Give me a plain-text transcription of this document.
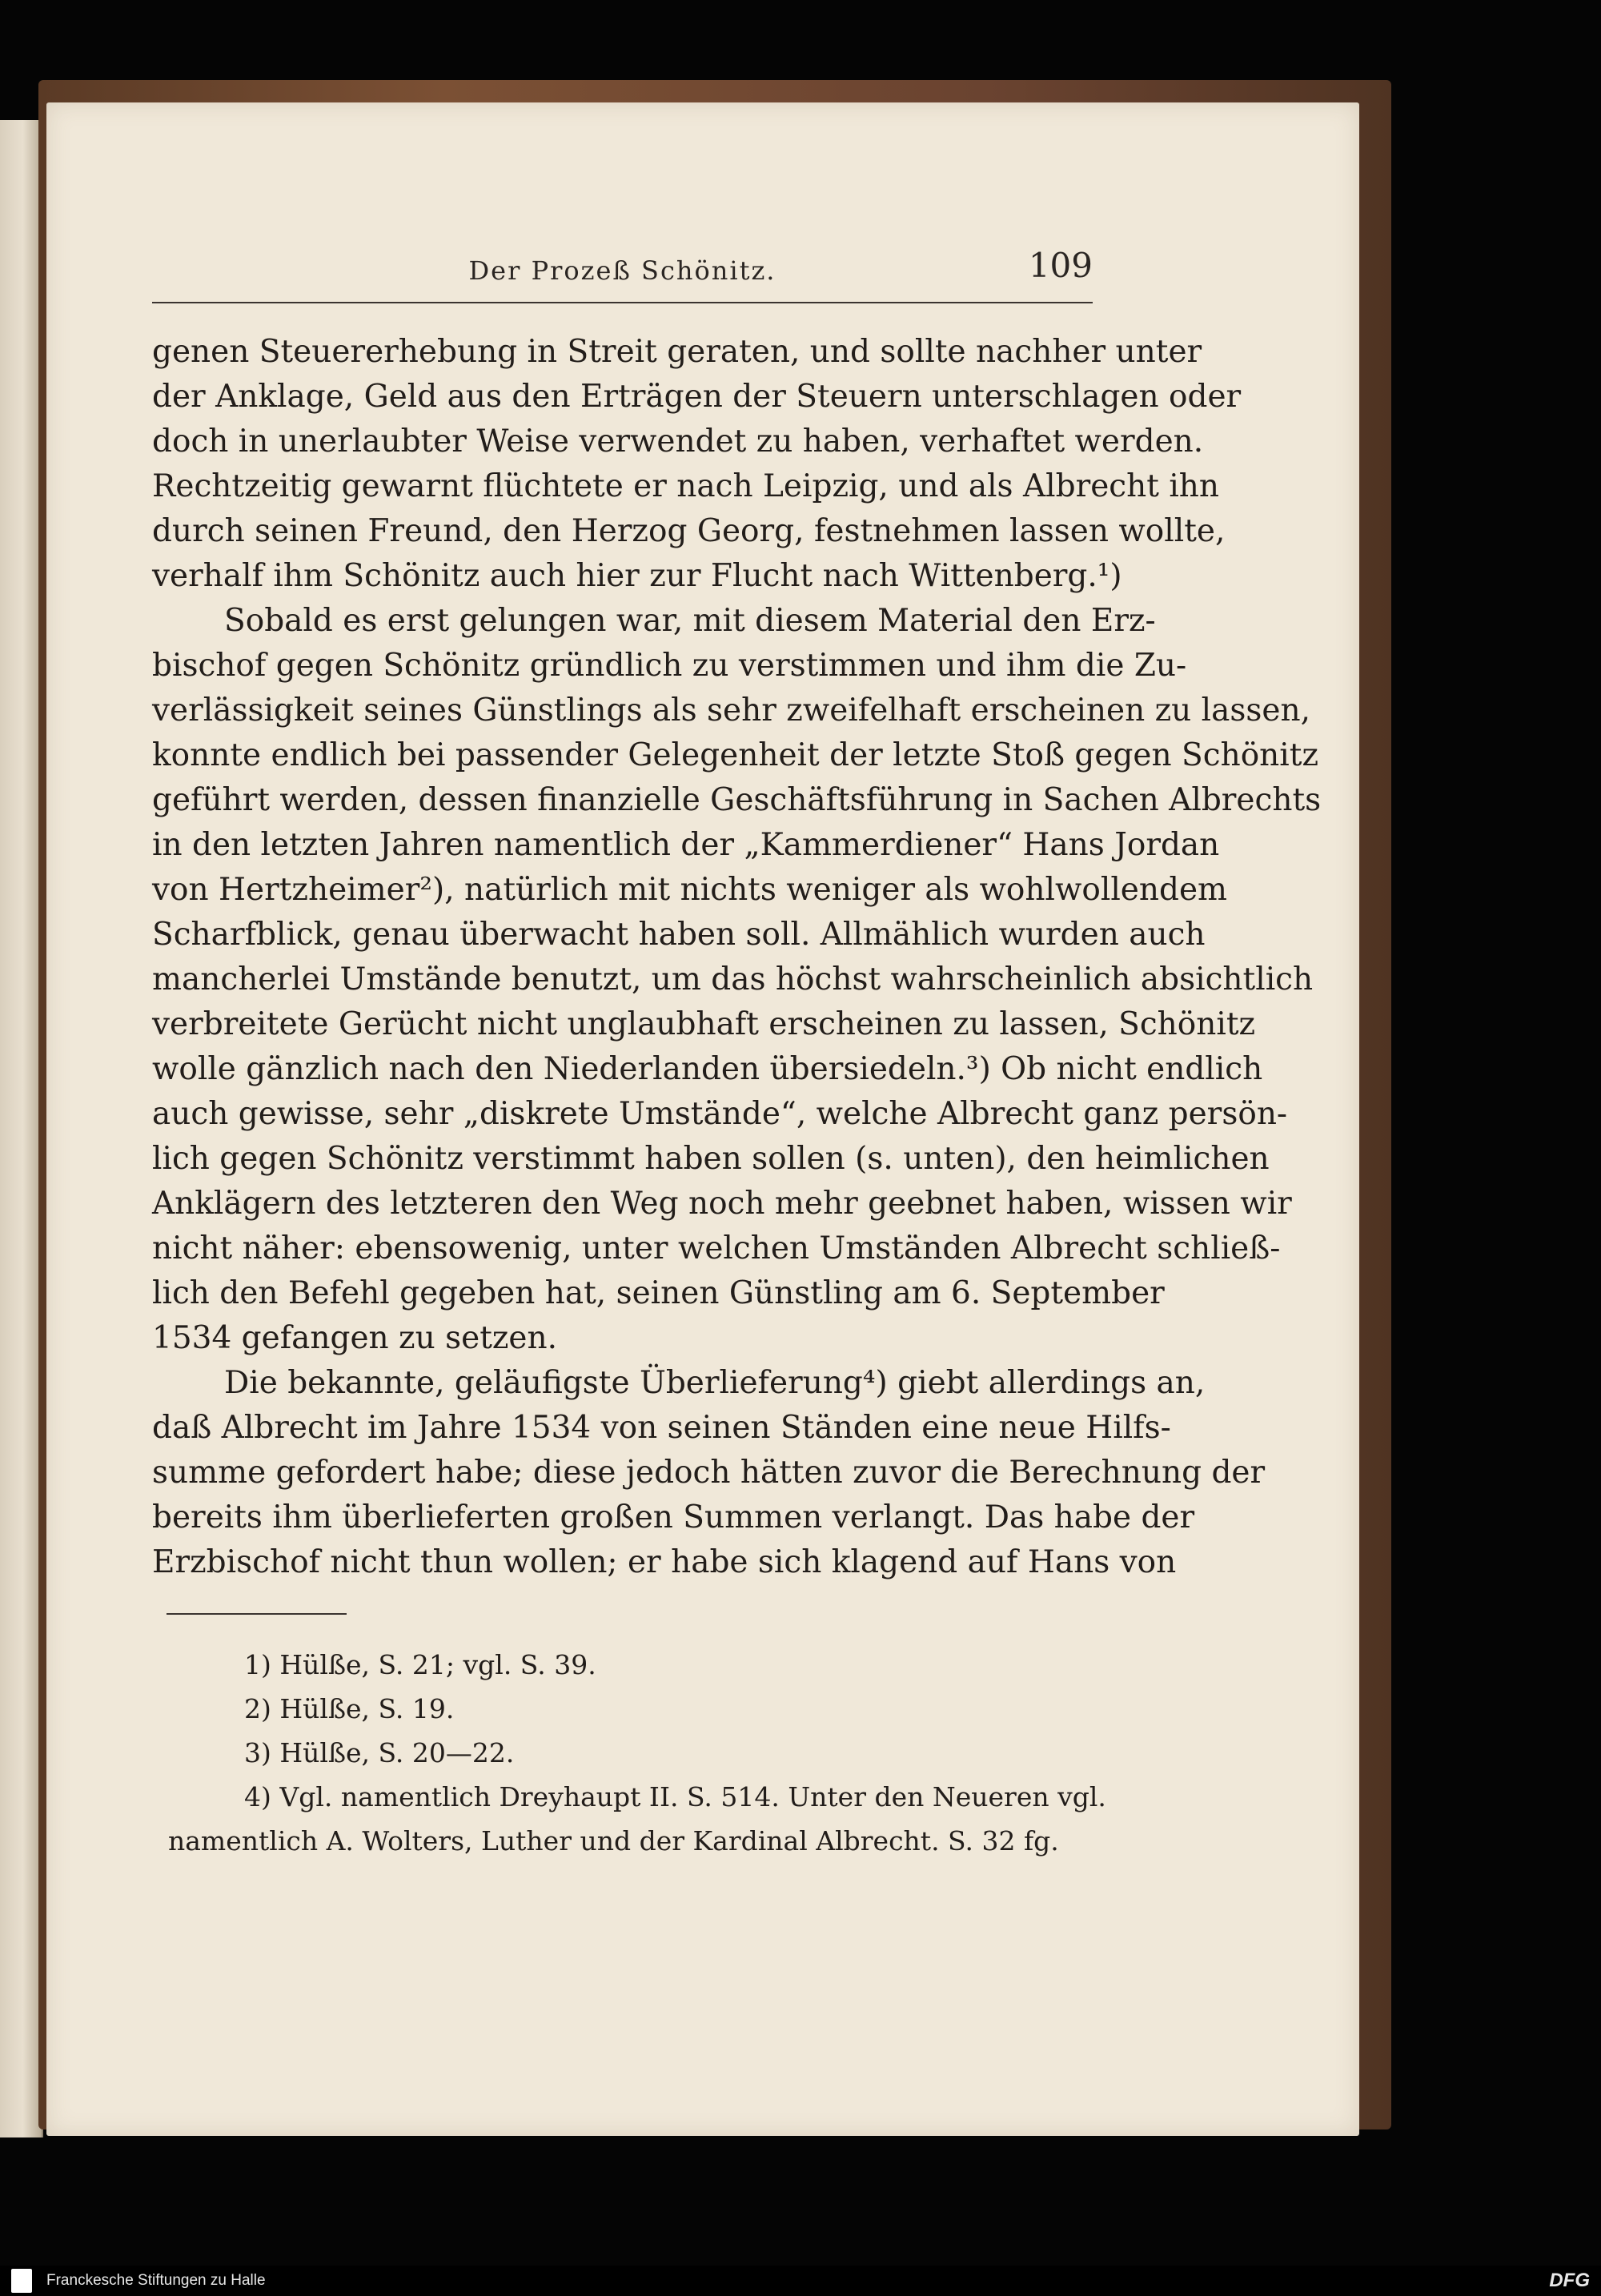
Der Prozeß Schönitz.	109
genen Steuererhebung in Streit geraten, und sollte nachher unter
der Anklage, Geld aus den Erträgen der Steuern unterschlagen oder
doch in unerlaubter Weise verwendet zu haben, verhaftet werden.
Rechtzeitig gewarnt flüchtete er nach Leipzig, und als Albrecht ihn
durch seinen Freund, den Herzog Georg, festnehmen lassen wollte,
verhalf ihm Schönitz auch hier zur Flucht nach Wittenberg.¹)
Sobald es erst gelungen war, mit diesem Material den Erz-
bischof gegen Schönitz gründlich zu verstimmen und ihm die Zu-
verlässigkeit seines Günstlings als sehr zweifelhaft erscheinen zu lassen,
konnte endlich bei passender Gelegenheit der letzte Stoß gegen Schönitz
geführt werden, dessen finanzielle Geschäftsführung in Sachen Albrechts
in den letzten Jahren namentlich der „Kammerdiener“ Hans Jordan
von Hertzheimer²), natürlich mit nichts weniger als wohlwollendem
Scharfblick, genau überwacht haben soll. Allmählich wurden auch
mancherlei Umstände benutzt, um das höchst wahrscheinlich absichtlich
verbreitete Gerücht nicht unglaubhaft erscheinen zu lassen, Schönitz
wolle gänzlich nach den Niederlanden übersiedeln.³) Ob nicht endlich
auch gewisse, sehr „diskrete Umstände“, welche Albrecht ganz persön-
lich gegen Schönitz verstimmt haben sollen (s. unten), den heimlichen
Anklägern des letzteren den Weg noch mehr geebnet haben, wissen wir
nicht näher: ebensowenig, unter welchen Umständen Albrecht schließ-
lich den Befehl gegeben hat, seinen Günstling am 6. September
1534 gefangen zu setzen.
Die bekannte, geläufigste Überlieferung⁴) giebt allerdings an,
daß Albrecht im Jahre 1534 von seinen Ständen eine neue Hilfs-
summe gefordert habe; diese jedoch hätten zuvor die Berechnung der
bereits ihm überlieferten großen Summen verlangt. Das habe der
Erzbischof nicht thun wollen; er habe sich klagend auf Hans von
1) Hülße, S. 21; vgl. S. 39.
2) Hülße, S. 19.
3) Hülße, S. 20—22.
4) Vgl. namentlich Dreyhaupt II. S. 514. Unter den Neueren vgl.
namentlich A. Wolters, Luther und der Kardinal Albrecht. S. 32 fg.
Franckesche Stiftungen zu Halle	DFG
